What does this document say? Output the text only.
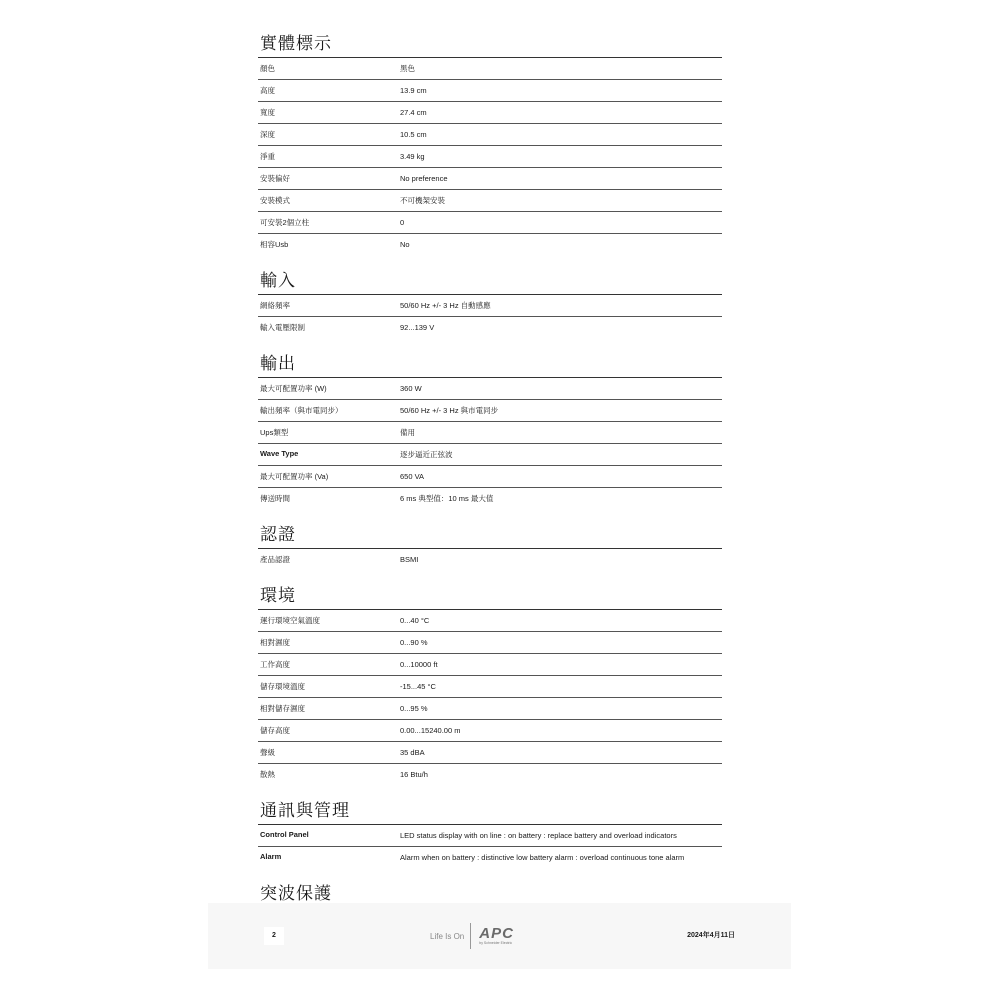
實體標示
顏色	黑色
高度	13.9 cm
寬度	27.4 cm
深度	10.5 cm
淨重	3.49 kg
安裝偏好	No preference
安裝模式	不可機架安裝
可安裝2個立柱	0
相容Usb	No
輸入
網絡頻率	50/60 Hz +/- 3 Hz 自動感應
輸入電壓限制	92...139 V
輸出
最大可配置功率 (W)	360 W
輸出頻率（與市電同步）	50/60 Hz +/- 3 Hz 與市電同步
Ups類型	備用
Wave Type	逐步逼近正弦波
最大可配置功率 (Va)	650 VA
傳送時間	6 ms 典型值：10 ms 最大值
認證
產品認證	BSMI
環境
運行環境空氣溫度	0...40 °C
相對濕度	0...90 %
工作高度	0...10000 ft
儲存環境溫度	-15...45 °C
相對儲存濕度	0...95 %
儲存高度	0.00...15240.00 m
聲級	35 dBA
散熱	16 Btu/h
通訊與管理
Control Panel	LED status display with on line : on battery : replace battery and overload indicators
Alarm	Alarm when on battery : distinctive low battery alarm : overload continuous tone alarm
突波保護
2	Life Is On	APC
by Schneider Electric
2024年4月11日
